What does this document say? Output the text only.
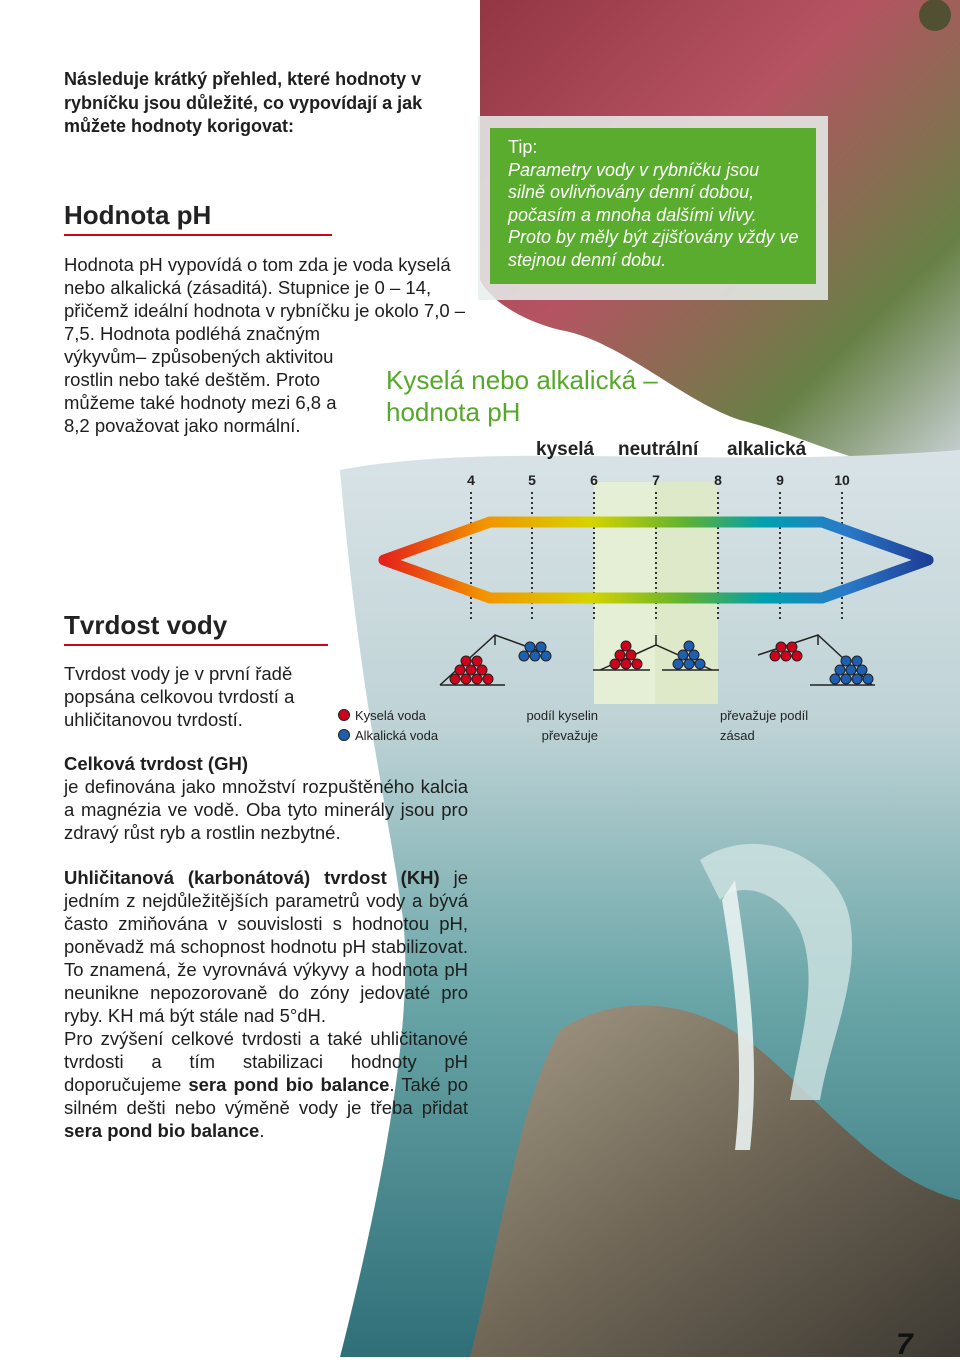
Následuje krátký přehled, které hodnoty v rybníčku jsou důležité, co vypovídají a jak můžete hodnoty korigovat:
Hodnota pH
Hodnota pH vypovídá o tom zda je voda kyselá nebo alkalická (zásaditá). Stupnice je 0 – 14, přičemž ideální hodnota v rybníčku je okolo 7,0 – 7,5. Hodnota podléhá značným
výkyvům– způsobených aktivitou rostlin nebo také deštěm. Proto můžeme také hodnoty mezi 6,8 a 8,2 považovat jako normální.
Tip:
Parametry vody v rybníčku jsou silně ovlivňovány denní dobou, počasím a mnoha dalšími vlivy. Proto by měly být zjišťovány vždy ve stejnou denní dobu.
Kyselá nebo alkalická – hodnota pH
kyselá neutrální alkalická
4	5	6	7	8	9	10
Kyselá voda
Alkalická voda
podíl kyselin převažuje
převažuje podíl zásad
Tvrdost vody
Tvrdost vody je v první řadě popsána celkovou tvrdostí a uhličitanovou tvrdostí.
Celková tvrdost (GH)
je definována jako množství rozpuštěného kalcia a magnézia ve vodě. Oba tyto minerály jsou pro zdravý růst ryb a rostlin nezbytné.
Uhličitanová (karbonátová) tvrdost (KH) je jedním z nejdůležitějších parametrů vody a bývá často zmiňována v souvislosti s hodnotou pH, poněvadž má schopnost hodnotu pH stabilizovat. To znamená, že vyrovnává výkyvy a hodnota pH neunikne nepozorovaně do zóny jedovaté pro ryby. KH má být stále nad 5°dH.
Pro zvýšení celkové tvrdosti a také uhličitanové tvrdosti a tím stabilizaci hodnoty pH doporučujeme sera pond bio balance. Také po silném dešti nebo výměně vody je třeba přidat sera pond bio balance.
7
